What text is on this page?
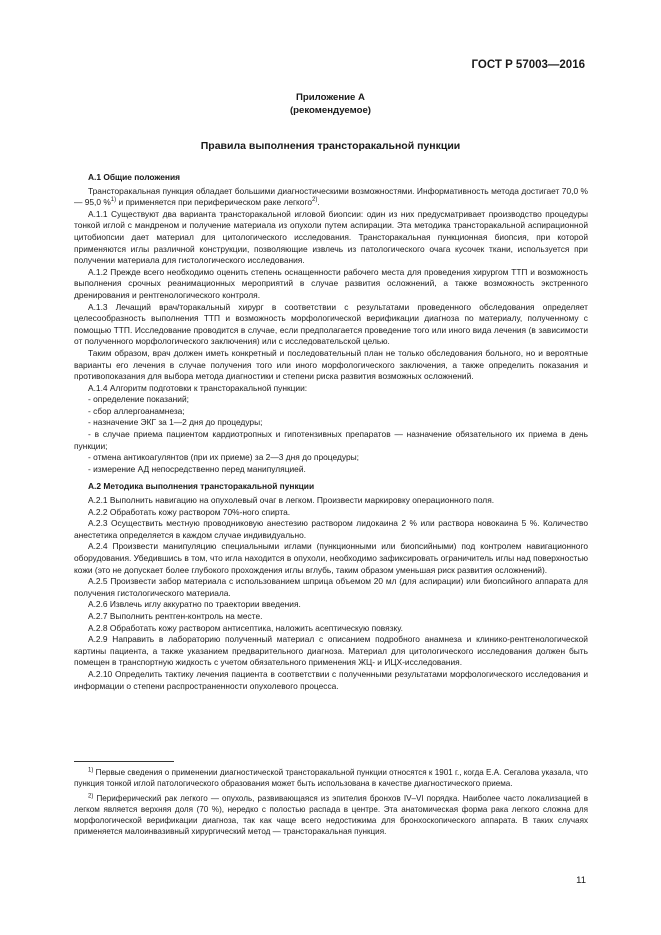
ГОСТ Р 57003—2016
Приложение А
(рекомендуемое)
Правила выполнения трансторакальной пункции
А.1 Общие положения

Трансторакальная пункция обладает большими диагностическими возможностями. Информативность метода достигает 70,0 % — 95,0 %$^{1)}$ и применяется при периферическом раке легкого$^{2)}$.

А.1.1 Существуют два варианта трансторакальной игловой биопсии: один из них предусматривает производство процедуры тонкой иглой с мандреном и получение материала из опухоли путем аспирации. Эта методика трансторакальной аспирационной цитобиопсии дает материал для цитологического исследования. Трансторакальная пункционная биопсия, при которой применяются иглы различной конструкции, позволяющие извлечь из патологического очага кусочек ткани, используется при получении материала для гистологического исследования.

А.1.2 Прежде всего необходимо оценить степень оснащенности рабочего места для проведения хирургом ТТП и возможность выполнения срочных реанимационных мероприятий в случае развития осложнений, а также возможность экстренного дренирования и рентгенологического контроля.

А.1.3 Лечащий врач/торакальный хирург в соответствии с результатами проведенного обследования определяет целесообразность выполнения ТТП и возможность морфологической верификации диагноза по материалу, полученному с помощью ТТП. Исследование проводится в случае, если предполагается проведение того или иного вида лечения (в зависимости от полученного морфологического заключения) или с исследовательской целью.

Таким образом, врач должен иметь конкретный и последовательный план не только обследования больного, но и вероятные варианты его лечения в случае получения того или иного морфологического заключения, а также определить показания и противопоказания для выбора метода диагностики и степени риска развития возможных осложнений.

А.1.4 Алгоритм подготовки к трансторакальной пункции:

- определение показаний;
- сбор аллергоанамнеза;
- назначение ЭКГ за 1—2 дня до процедуры;
- в случае приема пациентом кардиотропных и гипотензивных препаратов — назначение обязательного их приема в день пункции;
- отмена антикоагулянтов (при их приеме) за 2—3 дня до процедуры;
- измерение АД непосредственно перед манипуляцией.
А.2 Методика выполнения трансторакальной пункции

А.2.1 Выполнить навигацию на опухолевый очаг в легком. Произвести маркировку операционного поля.

А.2.2 Обработать кожу раствором 70%-ного спирта.

А.2.3 Осуществить местную проводниковую анестезию раствором лидокаина 2 % или раствора новокаина 5 %. Количество анестетика определяется в каждом случае индивидуально.

А.2.4 Произвести манипуляцию специальными иглами (пункционными или биопсийными) под контролем навигационного оборудования. Убедившись в том, что игла находится в опухоли, необходимо зафиксировать ограничитель иглы над поверхностью кожи (это не допускает более глубокого прохождения иглы вглубь, таким образом уменьшая риск развития осложнений).

А.2.5 Произвести забор материала с использованием шприца объемом 20 мл (для аспирации) или биопсийного аппарата для получения гистологического материала.

А.2.6 Извлечь иглу аккуратно по траектории введения.

А.2.7 Выполнить рентген-контроль на месте.

А.2.8 Обработать кожу раствором антисептика, наложить асептическую повязку.

А.2.9 Направить в лабораторию полученный материал с описанием подробного анамнеза и клинико-рентгенологической картины пациента, а также указанием предварительного диагноза. Материал для цитологического исследования должен быть помещен в транспортную жидкость с учетом обязательного применения ЖЦ- и ИЦХ-исследования.

А.2.10 Определить тактику лечения пациента в соответствии с полученными результатами морфологического исследования и информации о степени распространенности опухолевого процесса.

$^{1)}$ Первые сведения о применении диагностической трансторакальной пункции относятся к 1901 г., когда Е.А. Сегалова указала, что пункция тонкой иглой патологического образования может быть использована в качестве диагностического приема.

$^{2)}$ Периферический рак легкого — опухоль, развивающаяся из эпителия бронхов IV–VI порядка. Наиболее часто локализацией в легком является верхняя доля (70 %), нередко с полостью распада в центре. Эта анатомическая форма рака легкого сложна для морфологической верификации диагноза, так как чаще всего недостижима для бронхоскопического аппарата. В таких случаях применяется малоинвазивный хирургический метод — трансторакальная пункция.

11
